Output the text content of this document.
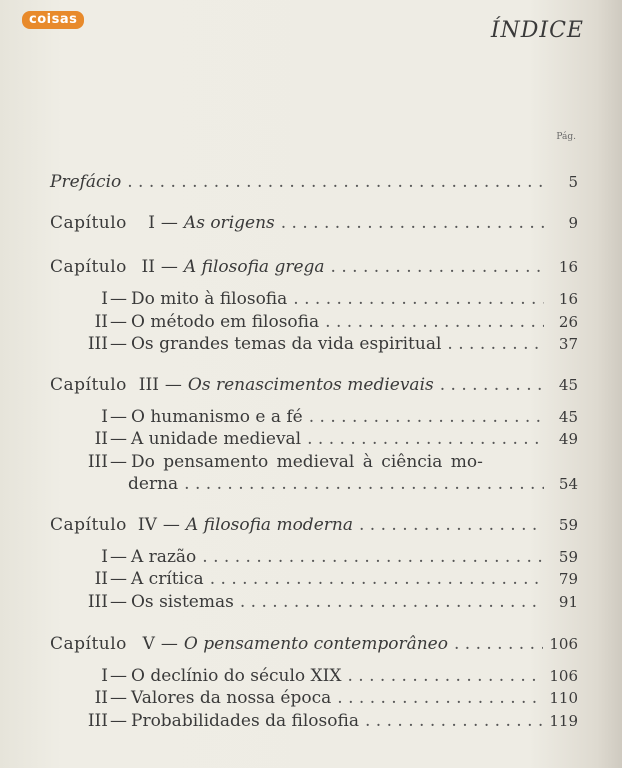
coisas	ÍNDICE
Pág.
Prefácio . . .	5
Capítulo	I — As origens . . .	9
Capítulo II — A filosofia grega . . .	16
I — Do mito à filosofia . . .	16
II — O método em filosofia . . .	26
III — Os grandes temas da vida espiritual . . .	37
Capítulo III — Os renascimentos medievais . . .	45
I — O humanismo e a fé . . .	45
II — A unidade medieval . . .	49
III — Do pensamento medieval à ciência mo-
derna . . .	54
Capítulo IV — A filosofia moderna . . .	59
I — A razão . . .	59
II — A crítica . . .	79
III — Os sistemas . . .	91
Capítulo V — O pensamento contemporâneo . . .	106
I — O declínio do século XIX . . .	106
II — Valores da nossa época . . .	110
III — Probabilidades da filosofia . . .	119
